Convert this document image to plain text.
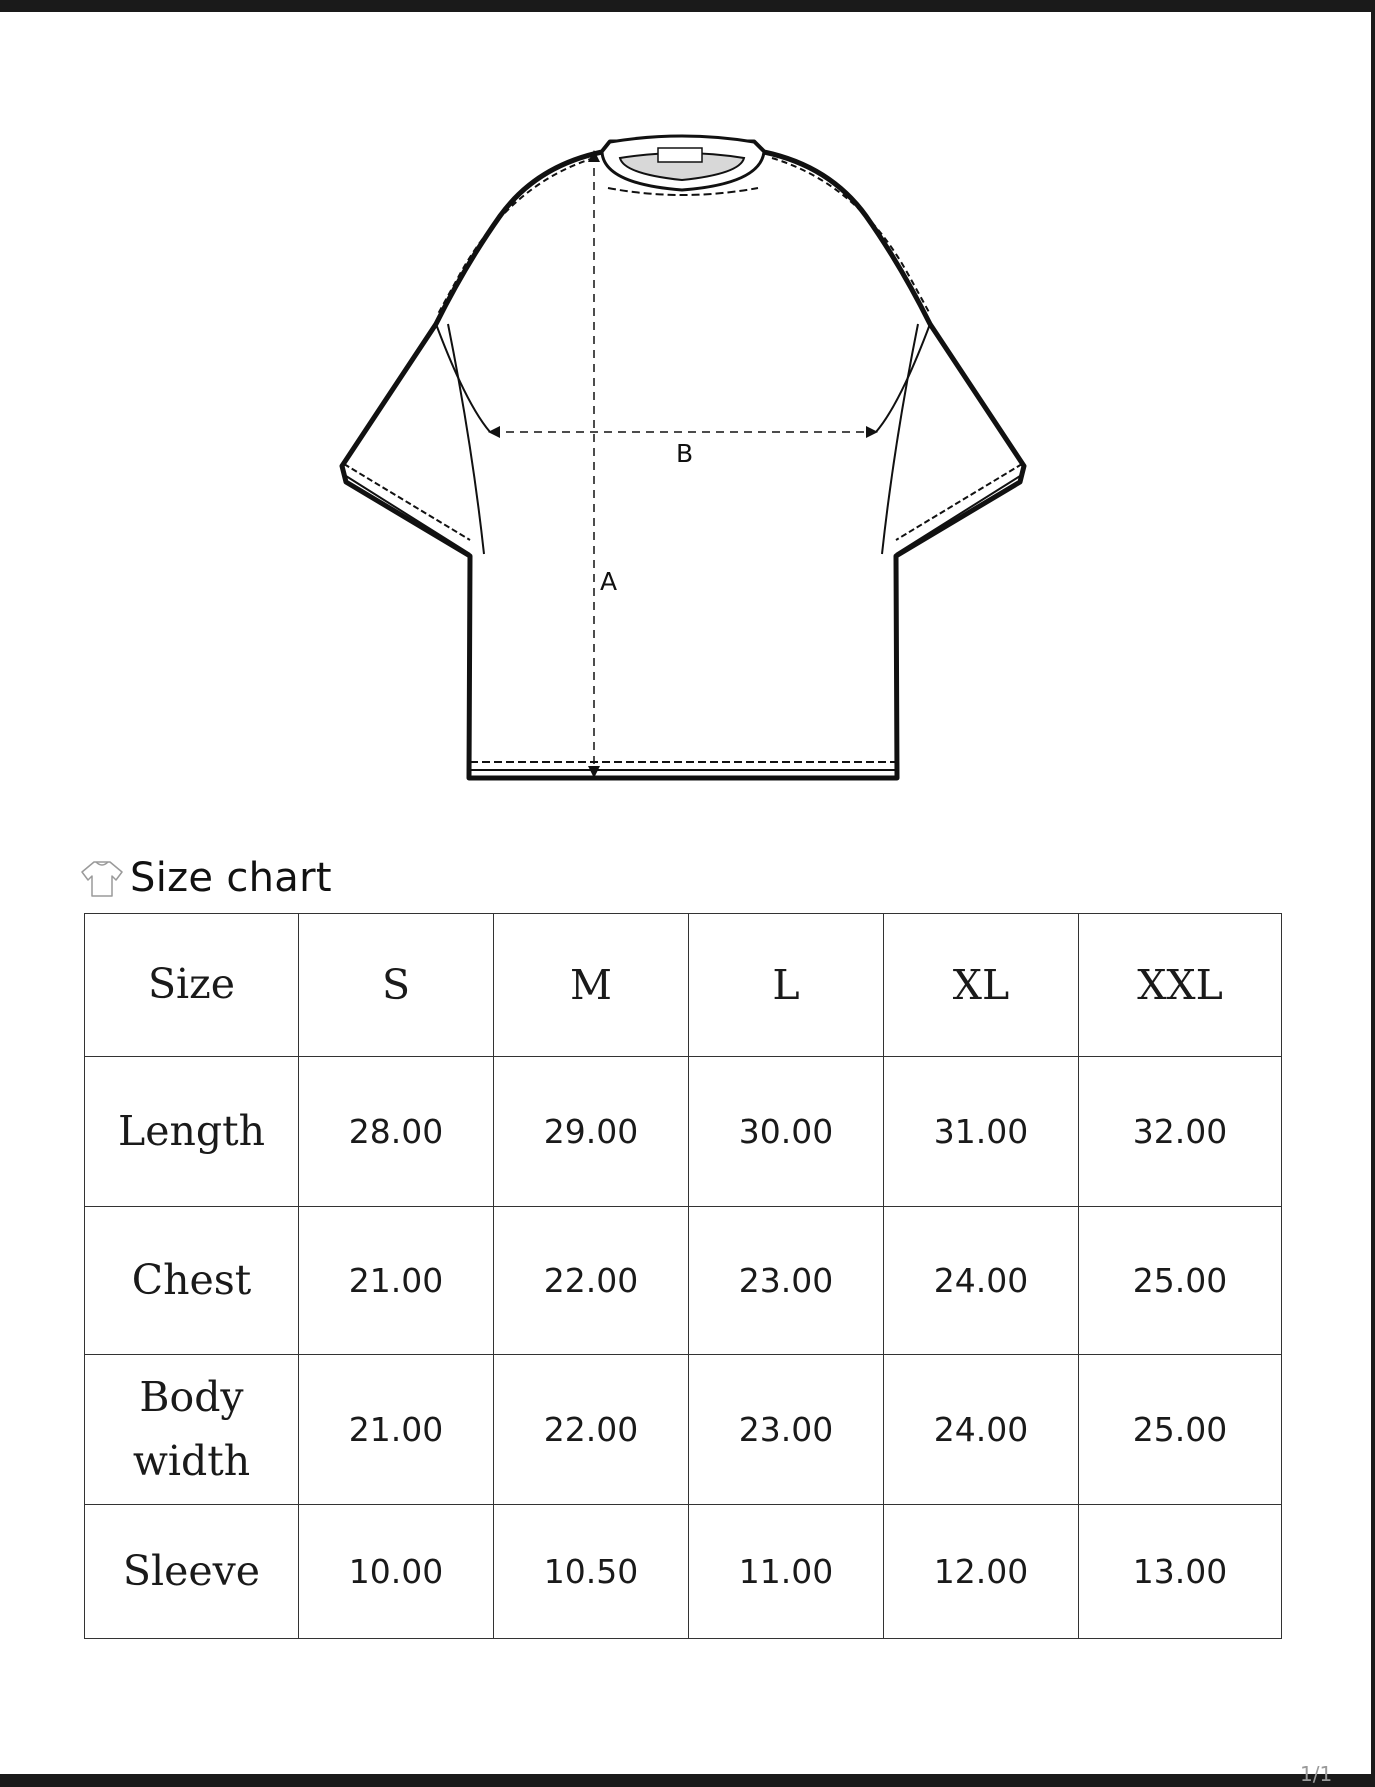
B
A
Size chart
Size	S	M	L	XL	XXL
Length	28.00	29.00	30.00	31.00	32.00
Chest	21.00	22.00	23.00	24.00	25.00

Body
width	21.00	22.00	23.00	24.00	25.00
Sleeve	10.00	10.50	11.00	12.00	13.00
1/1
